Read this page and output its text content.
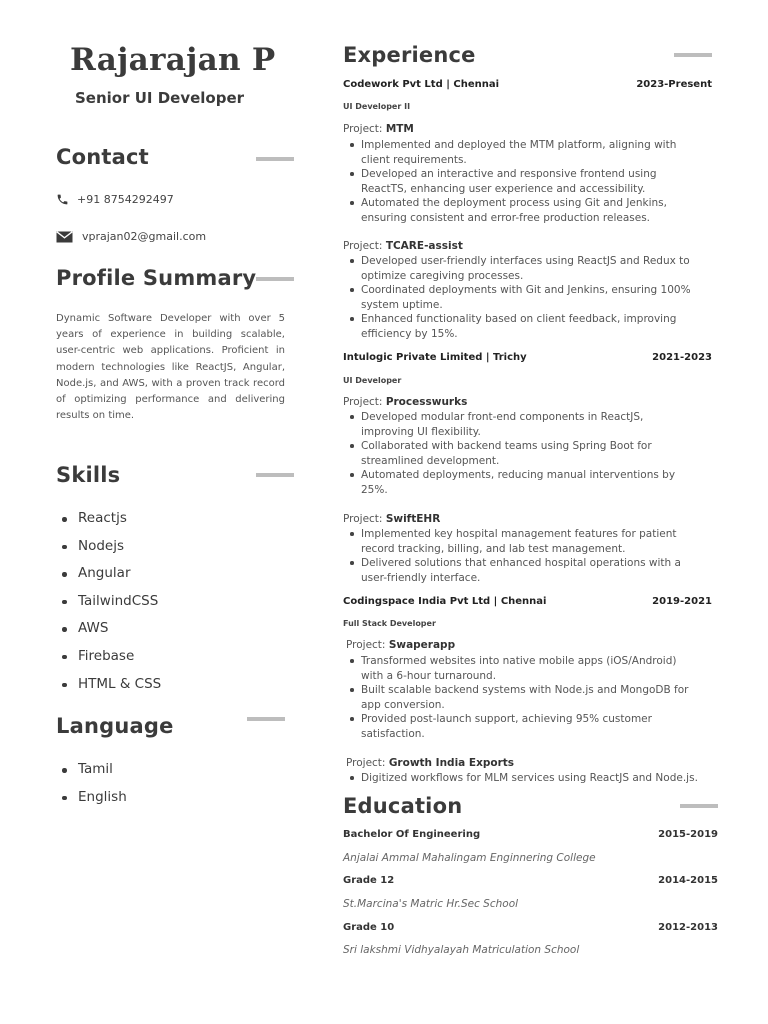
Rajarajan P
Senior UI Developer
Contact
+91 8754292497
vprajan02@gmail.com
Profile Summary

Dynamic Software Developer with over 5 years of experience in building scalable, user-centric web applications. Proficient in modern technologies like ReactJS, Angular, Node.js, and AWS, with a proven track record of optimizing performance and delivering results on time.

Skills
Reactjs
Nodejs
Angular
TailwindCSS
AWS
Firebase
HTML & CSS
Language
Tamil
English
Experience
Codework Pvt Ltd | Chennai	2023-Present
UI Developer II
Project: MTM
Implemented and deployed the MTM platform, aligning with client requirements.
Developed an interactive and responsive frontend using ReactTS, enhancing user experience and accessibility.
Automated the deployment process using Git and Jenkins, ensuring consistent and error-free production releases.
Project: TCARE-assist
Developed user-friendly interfaces using ReactJS and Redux to optimize caregiving processes.
Coordinated deployments with Git and Jenkins, ensuring 100% system uptime.
Enhanced functionality based on client feedback, improving efficiency by 15%.
Intulogic Private Limited | Trichy	2021-2023
UI Developer
Project: Processwurks
Developed modular front-end components in ReactJS, improving UI flexibility.
Collaborated with backend teams using Spring Boot for streamlined development.
Automated deployments, reducing manual interventions by 25%.
Project: SwiftEHR
Implemented key hospital management features for patient record tracking, billing, and lab test management.
Delivered solutions that enhanced hospital operations with a user-friendly interface.
Codingspace India Pvt Ltd | Chennai	2019-2021
Full Stack Developer
Project: Swaperapp
Transformed websites into native mobile apps (iOS/Android) with a 6-hour turnaround.
Built scalable backend systems with Node.js and MongoDB for app conversion.
Provided post-launch support, achieving 95% customer satisfaction.
Project: Growth India Exports
Digitized workflows for MLM services using ReactJS and Node.js.
Education
Bachelor Of Engineering	2015-2019
Anjalai Ammal Mahalingam Enginnering College
Grade 12	2014-2015
St.Marcina's Matric Hr.Sec School
Grade 10	2012-2013
Sri lakshmi Vidhyalayah Matriculation School
